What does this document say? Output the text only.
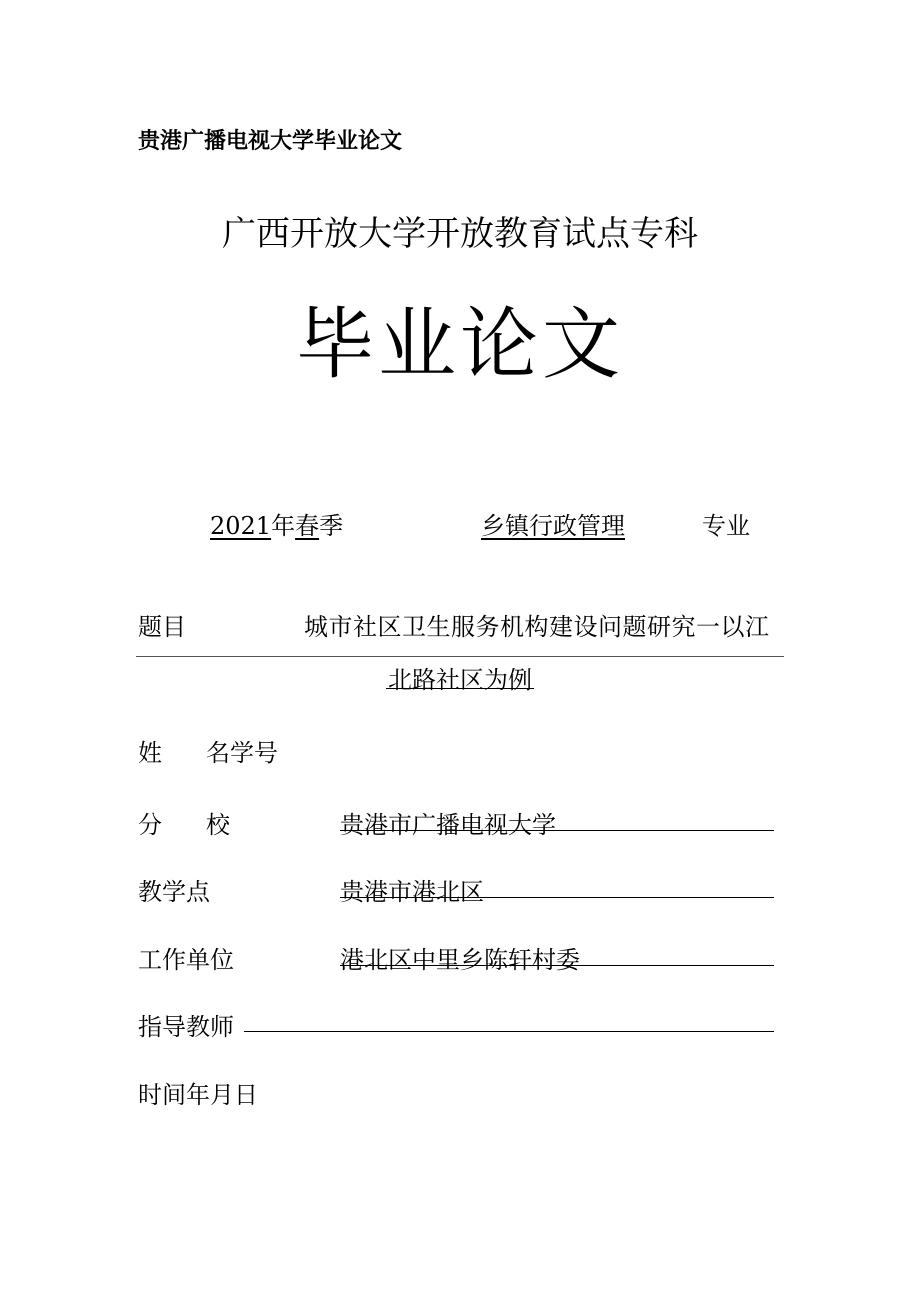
贵港广播电视大学毕业论文
广西开放大学开放教育试点专科
毕业论文
2021年春季	乡镇行政管理	专业
题目	城市社区卫生服务机构建设问题研究一以江
北路社区为例
姓 名学号
分 校	贵港市广播电视大学
教学点	贵港市港北区
工作单位	港北区中里乡陈轩村委
指导教师
时间年月日
